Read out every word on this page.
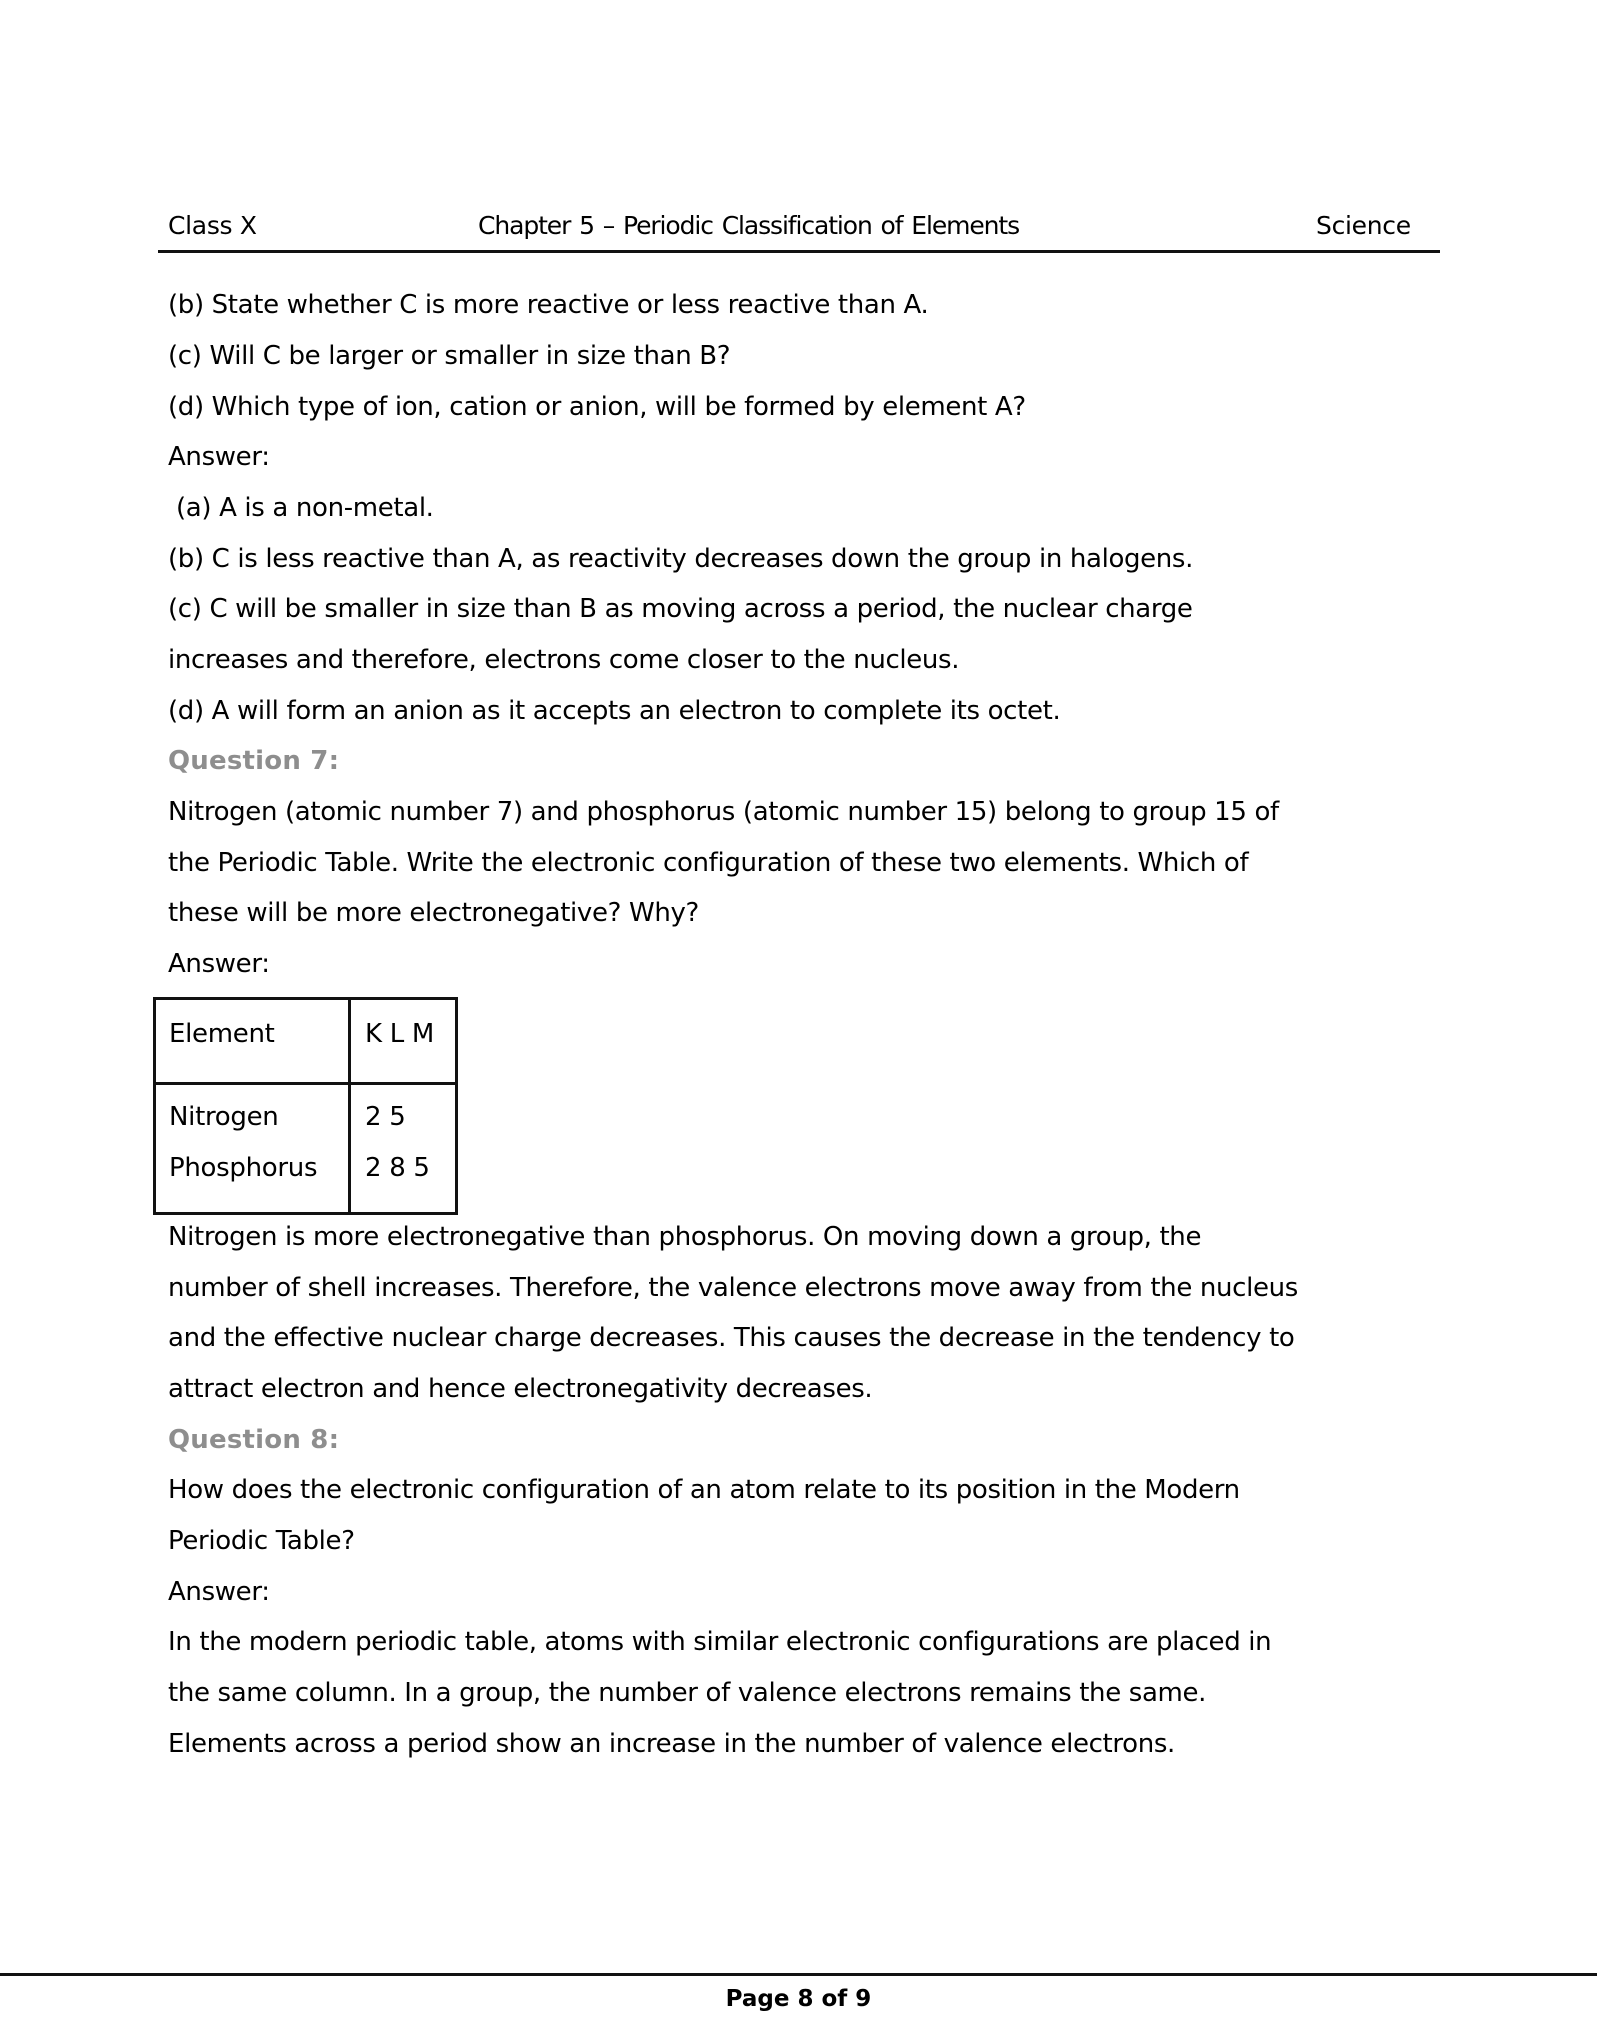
Class X	Chapter 5 – Periodic Classification of Elements	Science
(b) State whether C is more reactive or less reactive than A.
(c) Will C be larger or smaller in size than B?
(d) Which type of ion, cation or anion, will be formed by element A?
Answer:
(a) A is a non-metal.
(b) C is less reactive than A, as reactivity decreases down the group in halogens.
(c) C will be smaller in size than B as moving across a period, the nuclear charge
increases and therefore, electrons come closer to the nucleus.
(d) A will form an anion as it accepts an electron to complete its octet.
Question 7:
Nitrogen (atomic number 7) and phosphorus (atomic number 15) belong to group 15 of
the Periodic Table. Write the electronic configuration of these two elements. Which of
these will be more electronegative? Why?
Answer:
Element	K L M
Nitrogen	2 5
Phosphorus 2 8 5
Nitrogen is more electronegative than phosphorus. On moving down a group, the
number of shell increases. Therefore, the valence electrons move away from the nucleus
and the effective nuclear charge decreases. This causes the decrease in the tendency to
attract electron and hence electronegativity decreases.
Question 8:
How does the electronic configuration of an atom relate to its position in the Modern
Periodic Table?
Answer:
In the modern periodic table, atoms with similar electronic configurations are placed in
the same column. In a group, the number of valence electrons remains the same.
Elements across a period show an increase in the number of valence electrons.
Page 8 of 9
